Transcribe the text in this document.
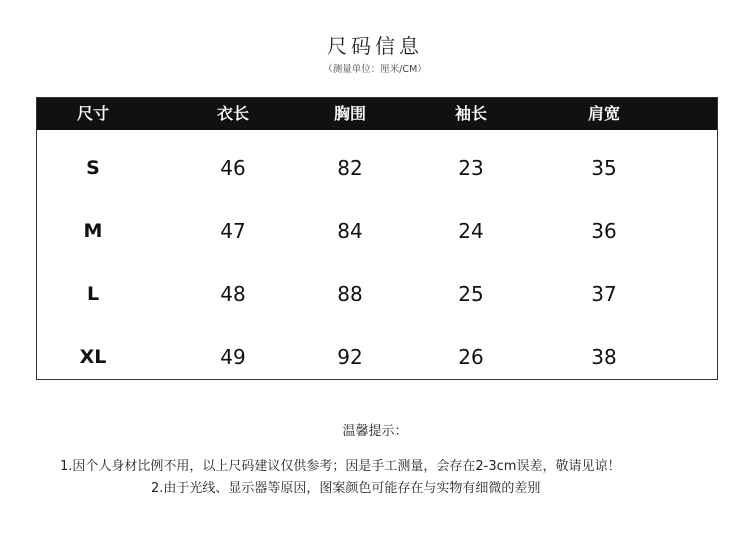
尺码信息
（测量单位：厘米/CM）
尺寸	衣长	胸围	袖长	肩宽
S	46	82	23	35
M	47	84	24	36
L	48	88	25	37
XL	49	92	26	38
温馨提示：
1.因个人身材比例不用，以上尺码建议仅供参考；因是手工测量，会存在2-3cm误差，敬请见谅！
2.由于光线、显示器等原因，图案颜色可能存在与实物有细微的差别
